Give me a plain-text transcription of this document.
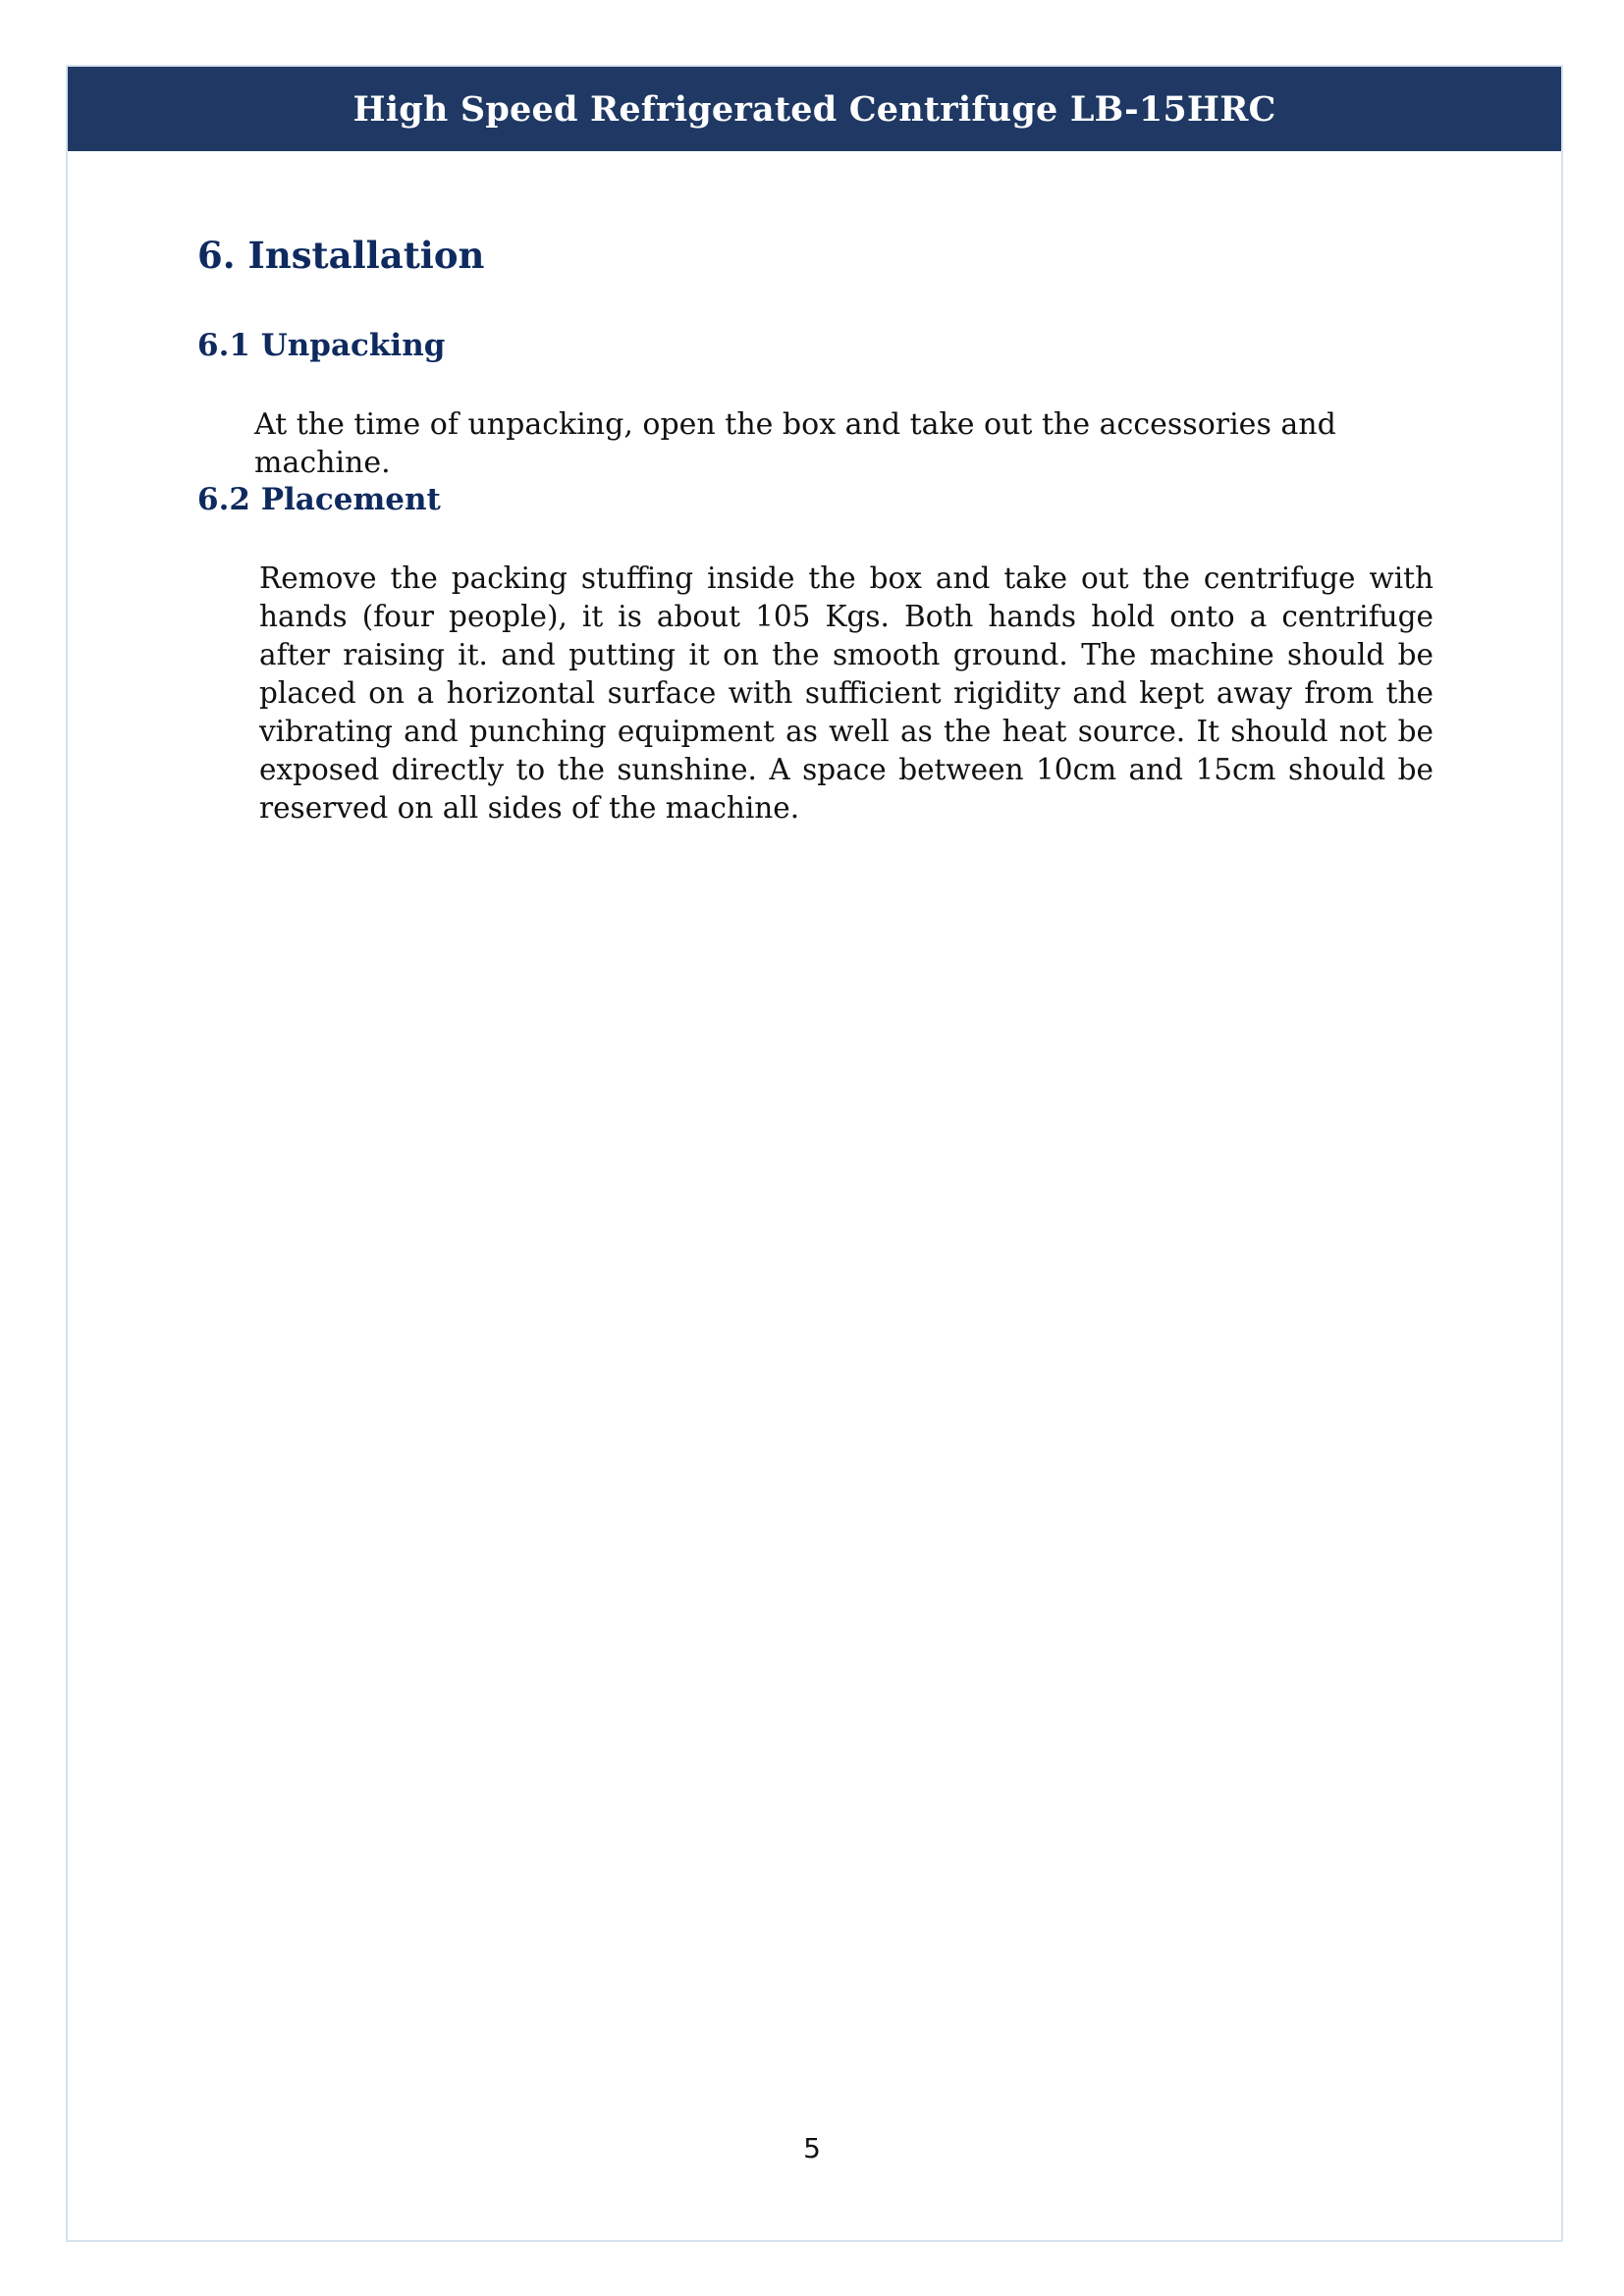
High Speed Refrigerated Centrifuge LB-15HRC
6. Installation
6.1 Unpacking

At the time of unpacking, open the box and take out the accessories and machine.

6.2 Placement

Remove the packing stuffing inside the box and take out the centrifuge with hands (four people), it is about 105 Kgs. Both hands hold onto a centrifuge after raising it. and putting it on the smooth ground. The machine should be placed on a horizontal surface with sufficient rigidity and kept away from the vibrating and punching equipment as well as the heat source. It should not be exposed directly to the sunshine. A space between 10cm and 15cm should be reserved on all sides of the machine.

5
